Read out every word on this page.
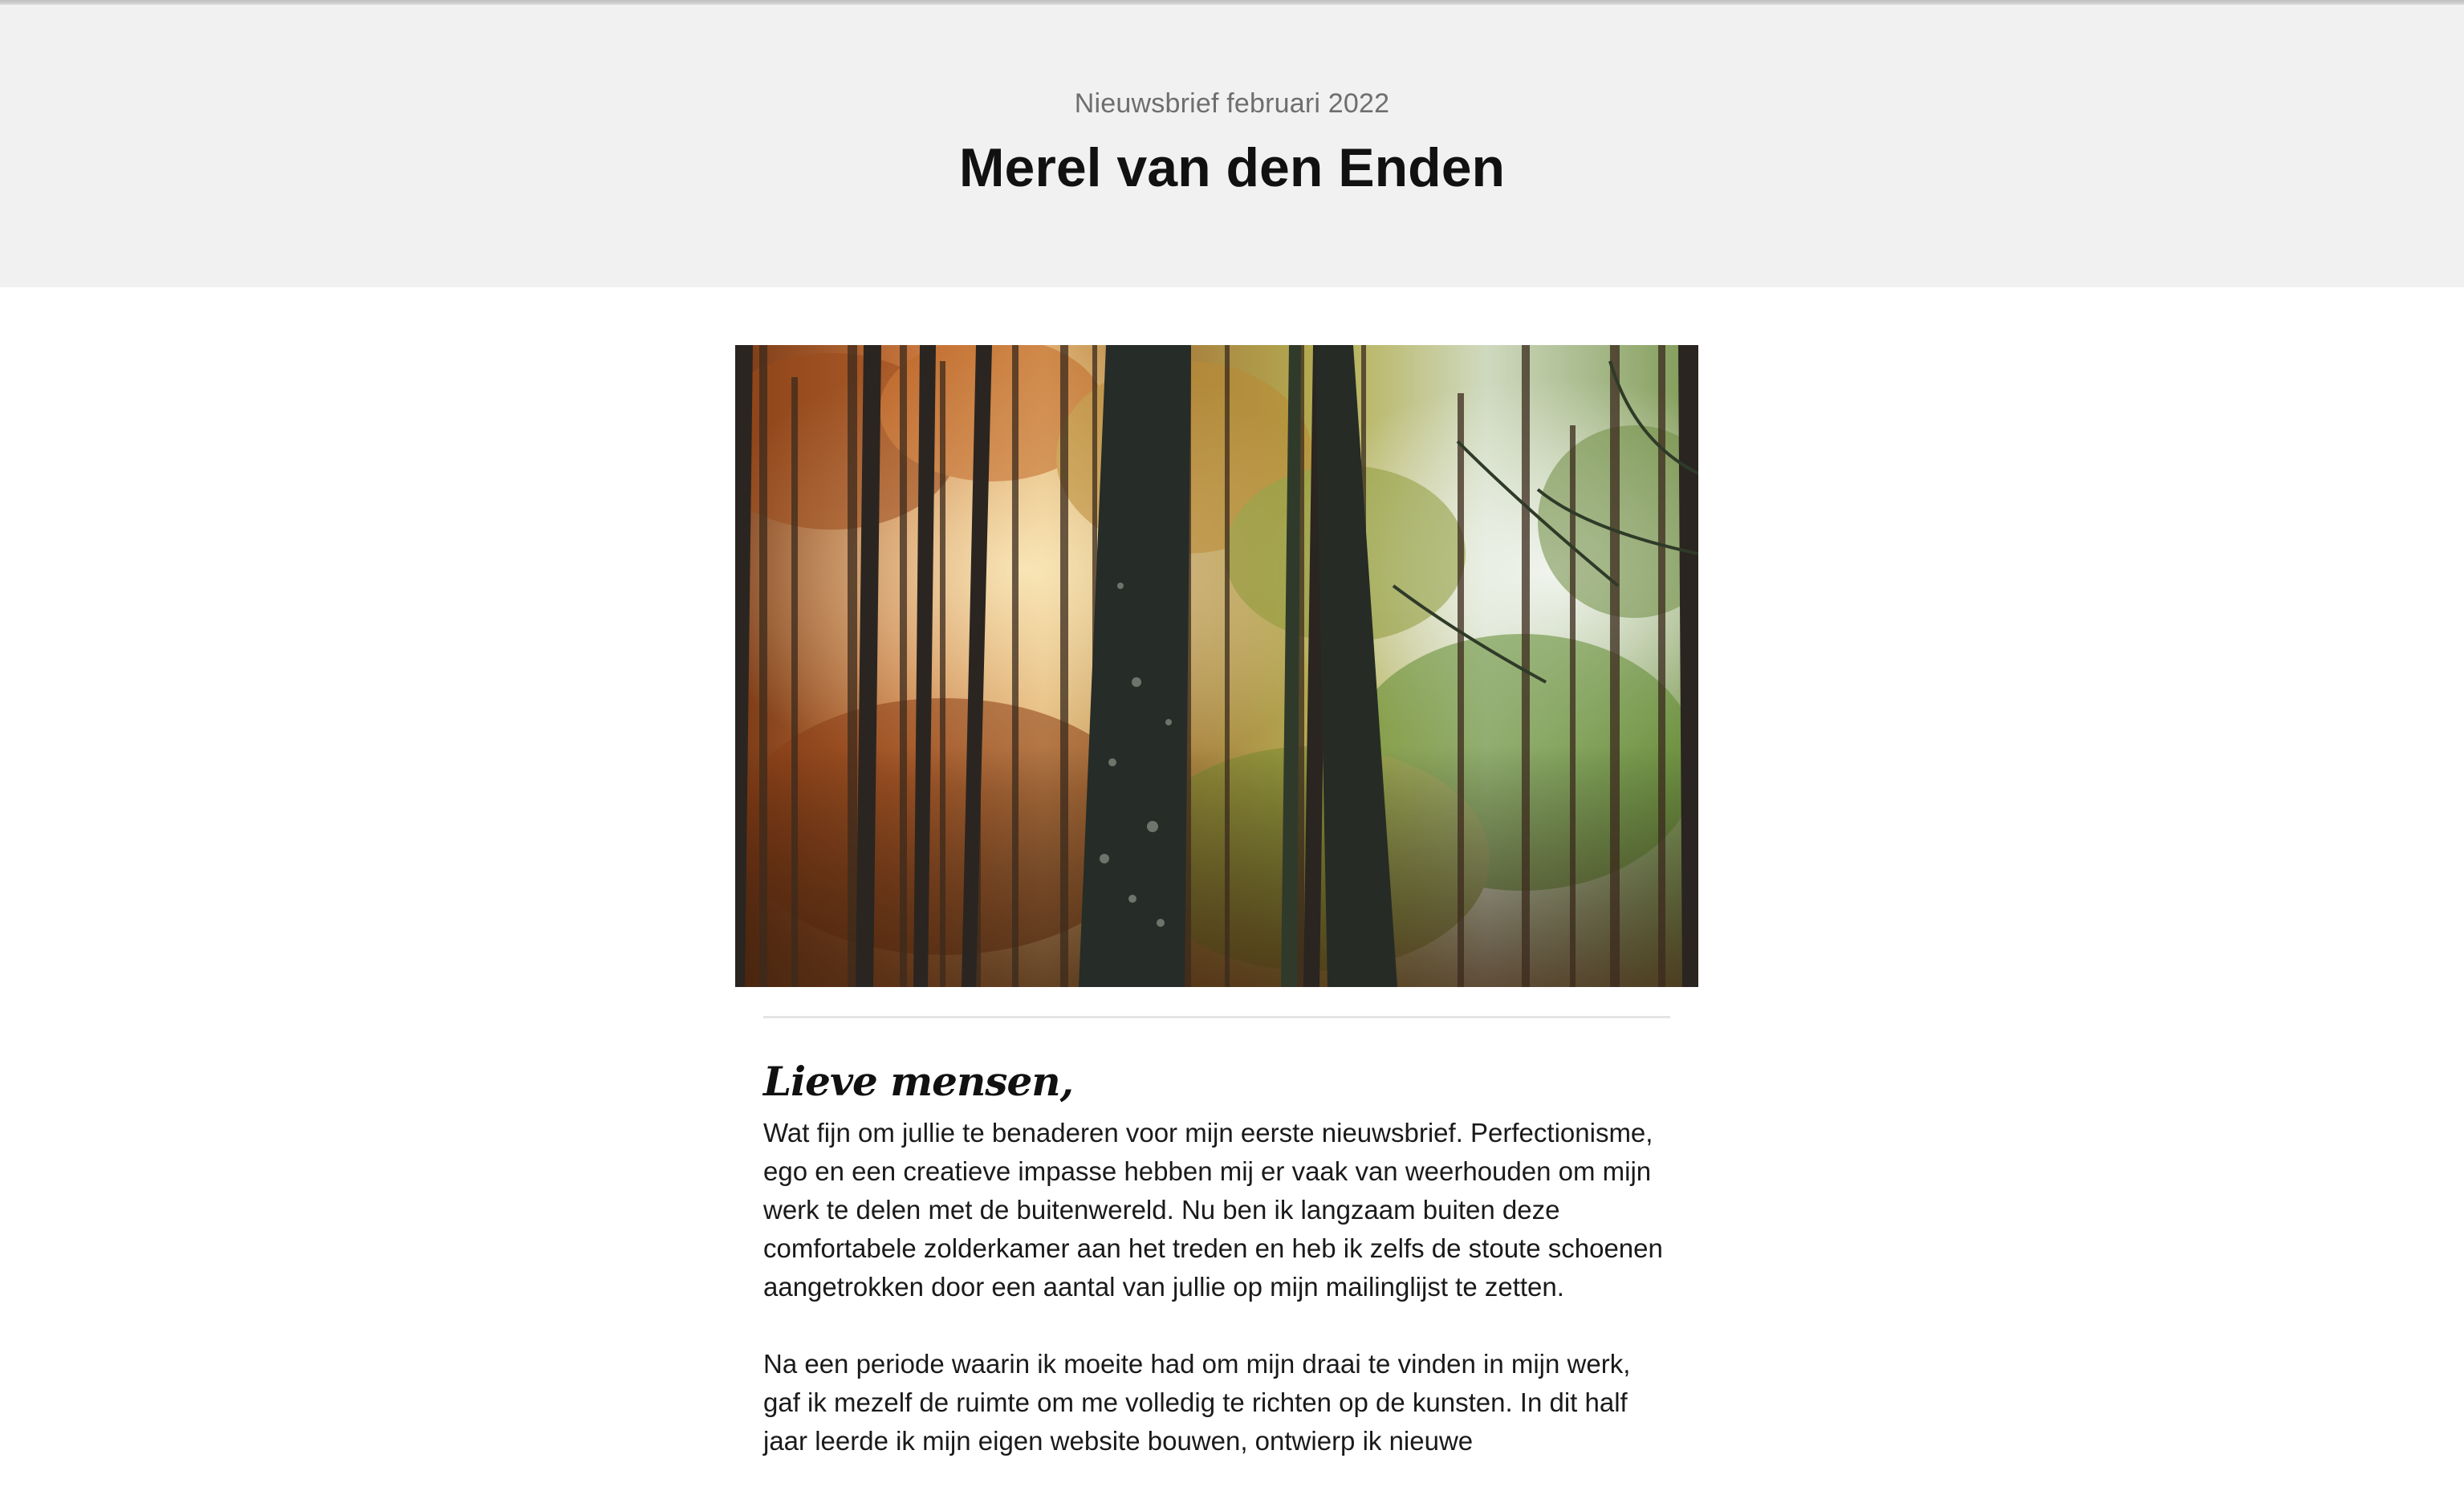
Nieuwsbrief februari 2022
Merel van den Enden
Lieve mensen,

Wat fijn om jullie te benaderen voor mijn eerste nieuwsbrief. Perfectionisme, ego en een creatieve impasse hebben mij er vaak van weerhouden om mijn werk te delen met de buitenwereld. Nu ben ik langzaam buiten deze comfortabele zolderkamer aan het treden en heb ik zelfs de stoute schoenen aangetrokken door een aantal van jullie op mijn mailinglijst te zetten.

Na een periode waarin ik moeite had om mijn draai te vinden in mijn werk, gaf ik mezelf de ruimte om me volledig te richten op de kunsten. In dit half jaar leerde ik mijn eigen website bouwen, ontwierp ik nieuwe
